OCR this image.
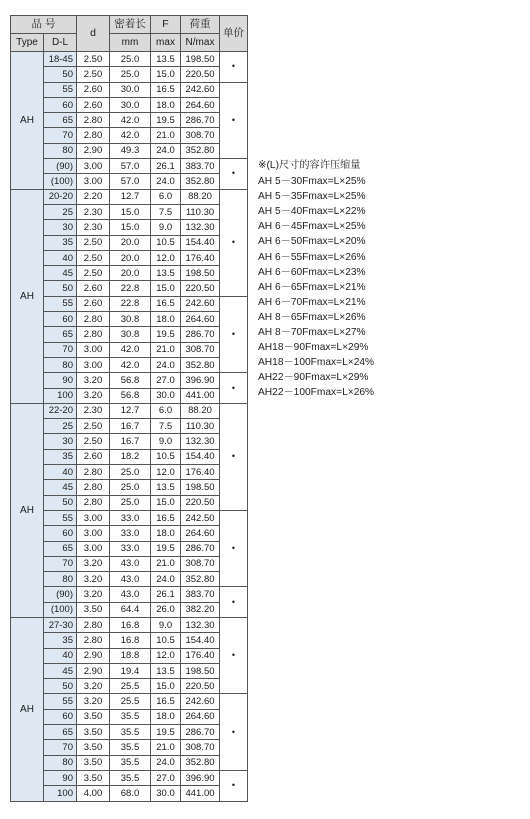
品 号		d	密着长	F	荷重	单价
Type	D-L		mm	max	N/max	
AH	18-45	2.50	25.0	13.5	198.50	•
	50	2.50	25.0	15.0	220.50	
	55	2.60	30.0	16.5	242.60	•
	60	2.60	30.0	18.0	264.60	
	65	2.80	42.0	19.5	286.70	
	70	2.80	42.0	21.0	308.70	
	80	2.90	49.3	24.0	352.80	
	(90)	3.00	57.0	26.1	383.70	•
	(100)	3.00	57.0	24.0	352.80	
AH	20-20	2.20	12.7	6.0	88.20	•
	25	2.30	15.0	7.5	110.30	
	30	2.30	15.0	9.0	132.30	
	35	2.50	20.0	10.5	154.40	
	40	2.50	20.0	12.0	176.40	
	45	2.50	20.0	13.5	198.50	
	50	2.60	22.8	15.0	220.50	
	55	2.60	22.8	16.5	242.60	•
	60	2.80	30.8	18.0	264.60	
	65	2.80	30.8	19.5	286.70	
	70	3.00	42.0	21.0	308.70	
	80	3.00	42.0	24.0	352.80	
	90	3.20	56.8	27.0	396.90	•
	100	3.20	56.8	30.0	441.00	
AH	22-20	2.30	12.7	6.0	88.20	•
	25	2.50	16.7	7.5	110.30	
	30	2.50	16.7	9.0	132.30	
	35	2.60	18.2	10.5	154.40	
	40	2.80	25.0	12.0	176.40	
	45	2.80	25.0	13.5	198.50	
	50	2.80	25.0	15.0	220.50	
	55	3.00	33.0	16.5	242.50	•
	60	3.00	33.0	18.0	264.60	
	65	3.00	33.0	19.5	286.70	
	70	3.20	43.0	21.0	308.70	
	80	3.20	43.0	24.0	352.80	
	(90)	3.20	43.0	26.1	383.70	•
	(100)	3.50	64.4	26.0	382.20	
AH	27-30	2.80	16.8	9.0	132.30	•
	35	2.80	16.8	10.5	154.40	
	40	2.90	18.8	12.0	176.40	
	45	2.90	19.4	13.5	198.50	
	50	3.20	25.5	15.0	220.50	
	55	3.20	25.5	16.5	242.60	•
	60	3.50	35.5	18.0	264.60	
	65	3.50	35.5	19.5	286.70	
	70	3.50	35.5	21.0	308.70	
	80	3.50	35.5	24.0	352.80	
	90	3.50	35.5	27.0	396.90	•
	100	4.00	68.0	30.0	441.00	
※(L)尺寸的容许压缩量
AH 5－30Fmax=L×25%
AH 5－35Fmax=L×25%
AH 5－40Fmax=L×22%
AH 6－45Fmax=L×25%
AH 6－50Fmax=L×20%
AH 6－55Fmax=L×26%
AH 6－60Fmax=L×23%
AH 6－65Fmax=L×21%
AH 6－70Fmax=L×21%
AH 8－65Fmax=L×26%
AH 8－70Fmax=L×27%
AH18－90Fmax=L×29%
AH18－100Fmax=L×24%
AH22－90Fmax=L×29%
AH22－100Fmax=L×26%
